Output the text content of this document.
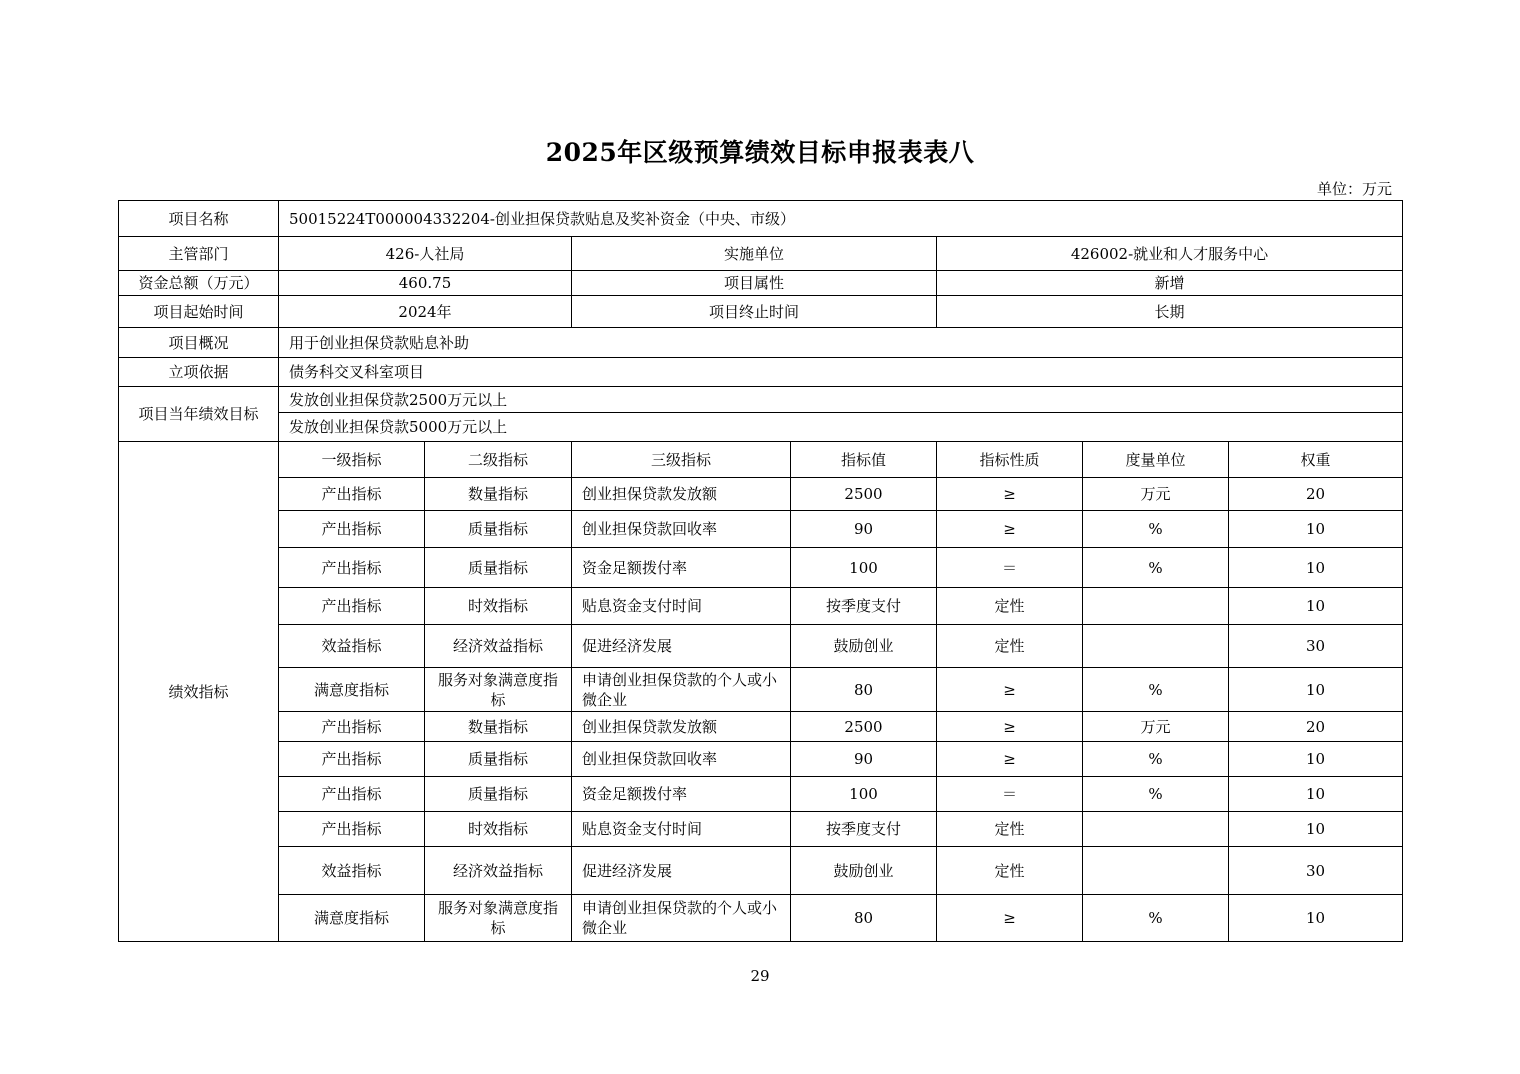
2025年区级预算绩效目标申报表表八
单位：万元
项目名称	50015224T000004332204-创业担保贷款贴息及奖补资金（中央、市级）						
主管部门	426-人社局		实施单位		426002-就业和人才服务中心		
资金总额（万元）	460.75		项目属性		新增		
项目起始时间	2024年		项目终止时间		长期		
项目概况	用于创业担保贷款贴息补助						
立项依据	债务科交叉科室项目						
项目当年绩效目标	发放创业担保贷款2500万元以上						
	发放创业担保贷款5000万元以上						
绩效指标	一级指标	二级指标	三级指标	指标值	指标性质	度量单位	权重
	产出指标	数量指标	创业担保贷款发放额	2500	≥	万元	20
	产出指标	质量指标	创业担保贷款回收率	90	≥	%	10
	产出指标	质量指标	资金足额拨付率	100	＝	%	10
	产出指标	时效指标	贴息资金支付时间	按季度支付	定性		10
	效益指标	经济效益指标	促进经济发展	鼓励创业	定性		30
	满意度指标	服务对象满意度指标	申请创业担保贷款的个人或小微企业	80	≥	%	10
	产出指标	数量指标	创业担保贷款发放额	2500	≥	万元	20
	产出指标	质量指标	创业担保贷款回收率	90	≥	%	10
	产出指标	质量指标	资金足额拨付率	100	＝	%	10
	产出指标	时效指标	贴息资金支付时间	按季度支付	定性		10
	效益指标	经济效益指标	促进经济发展	鼓励创业	定性		30
	满意度指标	服务对象满意度指标	申请创业担保贷款的个人或小微企业	80	≥	%	10
29
